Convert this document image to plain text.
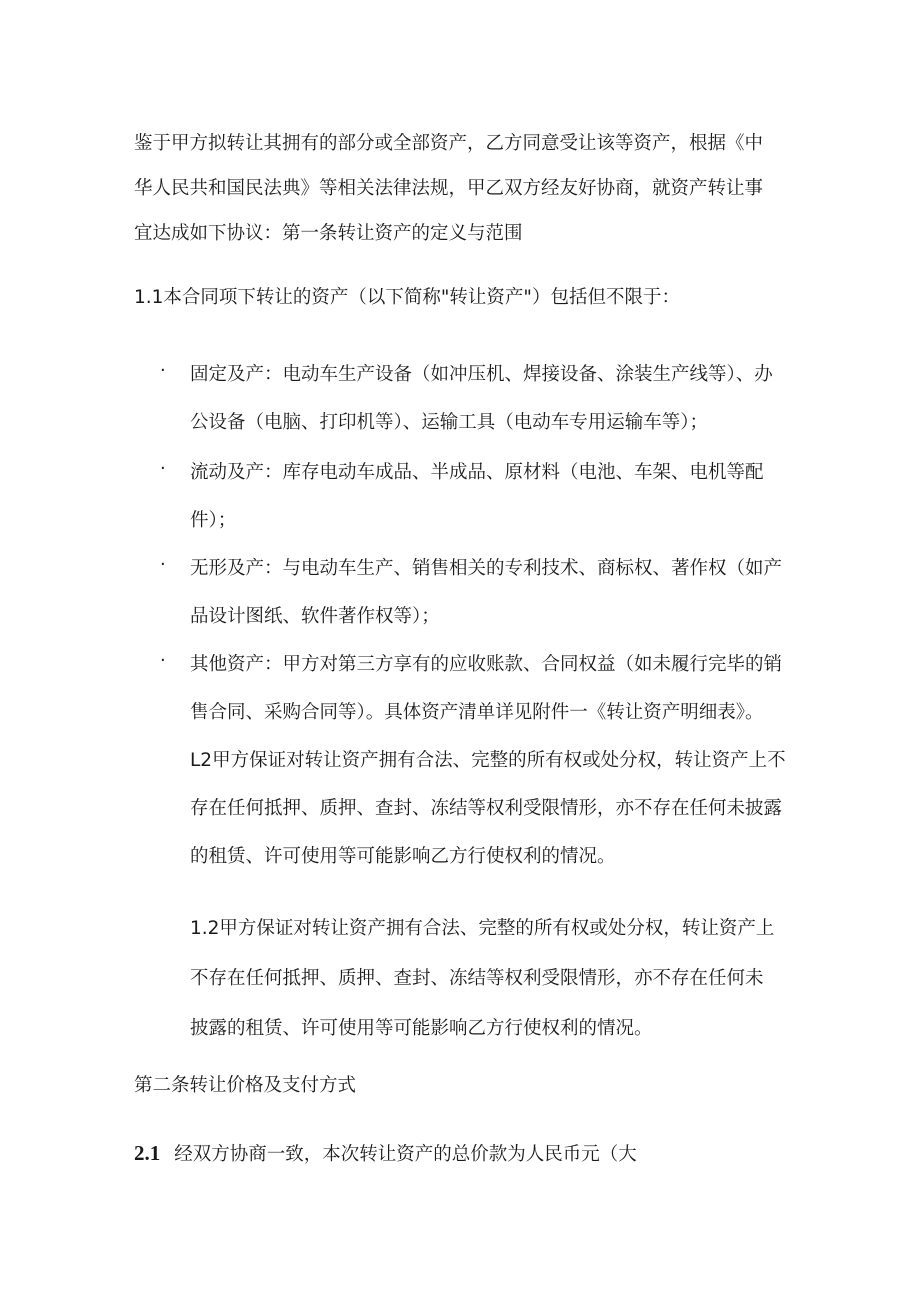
鉴于甲方拟转让其拥有的部分或全部资产，乙方同意受让该等资产，根据《中
华人民共和国民法典》等相关法律法规，甲乙双方经友好协商，就资产转让事
宜达成如下协议：第一条转让资产的定义与范围
1.1本合同项下转让的资产（以下简称"转让资产"）包括但不限于：
· 固定及产：电动车生产设备（如冲压机、焊接设备、涂装生产线等）、办
公设备（电脑、打印机等）、运输工具（电动车专用运输车等）；
· 流动及产：库存电动车成品、半成品、原材料（电池、车架、电机等配
件）；
· 无形及产：与电动车生产、销售相关的专利技术、商标权、著作权（如产
品设计图纸、软件著作权等）；
· 其他资产：甲方对第三方享有的应收账款、合同权益（如未履行完毕的销
售合同、采购合同等）。具体资产清单详见附件一《转让资产明细表》。
L2甲方保证对转让资产拥有合法、完整的所有权或处分权，转让资产上不
存在任何抵押、质押、查封、冻结等权利受限情形，亦不存在任何未披露
的租赁、许可使用等可能影响乙方行使权利的情况。
1.2甲方保证对转让资产拥有合法、完整的所有权或处分权，转让资产上
不存在任何抵押、质押、查封、冻结等权利受限情形，亦不存在任何未
披露的租赁、许可使用等可能影响乙方行使权利的情况。
第二条转让价格及支付方式
2.1 经双方协商一致，本次转让资产的总价款为人民币元（大
